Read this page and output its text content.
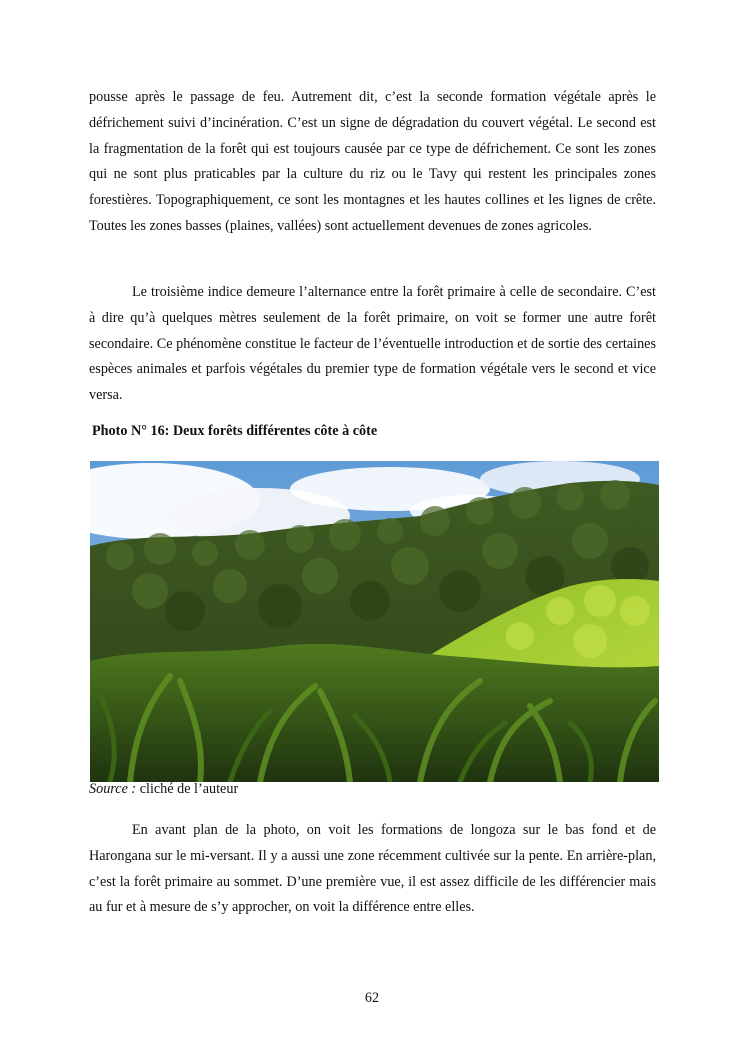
pousse après le passage de feu. Autrement dit, c’est la seconde formation végétale après le défrichement suivi d’incinération. C’est un signe de dégradation du couvert végétal. Le second est la fragmentation de la forêt qui est toujours causée par ce type de défrichement. Ce sont les zones qui ne sont plus praticables par la culture du riz ou le Tavy qui restent les principales zones forestières. Topographiquement, ce sont les montagnes et les hautes collines et les lignes de crête. Toutes les zones basses (plaines, vallées) sont actuellement devenues de zones agricoles.

Le troisième indice demeure l’alternance entre la forêt primaire à celle de secondaire. C’est à dire qu’à quelques mètres seulement de la forêt primaire, on voit se former une autre forêt secondaire. Ce phénomène constitue le facteur de l’éventuelle introduction et de sortie des certaines espèces animales et parfois végétales du premier type de formation végétale vers le second et vice versa.

Photo N° 16: Deux forêts différentes côte à côte

Source : cliché de l’auteur

En avant plan de la photo, on voit les formations de longoza sur le bas fond et de Harongana sur le mi-versant. Il y a aussi une zone récemment cultivée sur la pente. En arrière-plan, c’est la forêt primaire au sommet. D’une première vue, il est assez difficile de les différencier mais au fur et à mesure de s’y approcher, on voit la différence entre elles.

62
